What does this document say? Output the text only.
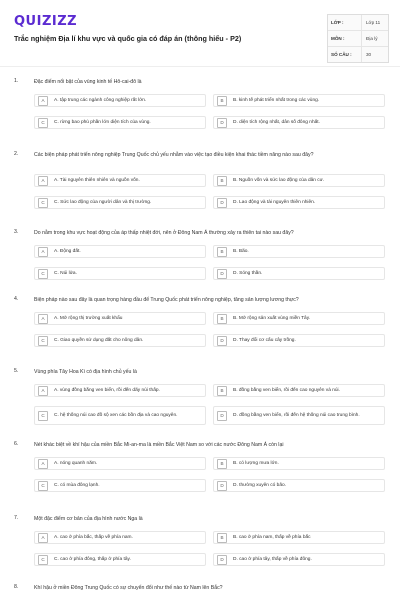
QUIZIZZ
Trắc nghiệm Địa lí khu vực và quốc gia có đáp án (thông hiểu - P2)
LỚP :	Lớp 11
MÔN :	Địa lý
SỐ CÂU :	30
1.	Đặc điểm nổi bật của vùng kinh tế Hô-cai-đô là
A	A. tập trung các ngành công nghiệp rất lớn.	B	B. kinh tế phát triển nhất trong các vùng.
C	C. rừng bao phủ phần lớn diện tích của vùng.	D	D. diện tích rộng nhất, dân số đông nhất.
2.	Các biện pháp phát triển nông nghiệp Trung Quốc chủ yếu nhằm vào việc tạo điều kiện khai thác tiềm năng nào sau đây?
A	A. Tài nguyên thiên nhiên và nguồn vốn.	B	B. Nguồn vốn và sức lao động của dân cư.
C	C. Sức lao động của người dân và thị trường.	D	D. Lao động và tài nguyên thiên nhiên.
3.	Do nằm trong khu vực hoạt động của áp thấp nhiệt đới, nên ở Đông Nam Á thường xảy ra thiên tai nào sau đây?
A	A. Động đất.	B	B. Bão.
C	C. Núi lửa.	D	D. Sóng thần.
4.	Biện pháp nào sau đây là quan trọng hàng đầu để Trung Quốc phát triển nông nghiệp, tăng sản lượng lương thực?
A	A. Mở rộng thị trường xuất khẩu	B	B. Mở rộng sản xuất vùng miền Tây.
C	C. Giao quyền sử dụng đất cho nông dân.	D	D. Thay đổi cơ cấu cây trồng.
5.	Vùng phía Tây Hoa Kì có địa hình chủ yếu là
A	A. vùng đồng bằng ven biển, rồi đến dãy núi thấp.	B	B. đồng bằng ven biển, rồi đến cao nguyên và núi.
C	C. hệ thống núi cao đồ sộ xen các bồn địa và cao nguyên.	D	D. đồng bằng ven biển, rồi đến hệ thống núi cao trung bình.
6.	Nét khác biệt về khí hậu của miền Bắc Mi-an-ma là miền Bắc Việt Nam so với các nước Đông Nam Á còn lại
A	A. nóng quanh năm.	B	B. có lượng mưa lớn.
C	C. có mùa đông lạnh.	D	D. thường xuyên có bão.
7.	Một đặc điểm cơ bản của địa hình nước Nga là
A	A. cao ở phía bắc, thấp về phía nam.	B	B. cao ở phía nam, thấp về phía bắc
C	C. cao ở phía đông, thấp ở phía tây.	D	D. cao ở phía tây, thấp về phía đông.
8.	Khí hậu ở miền Đông Trung Quốc có sự chuyển đổi như thế nào từ Nam lên Bắc?
